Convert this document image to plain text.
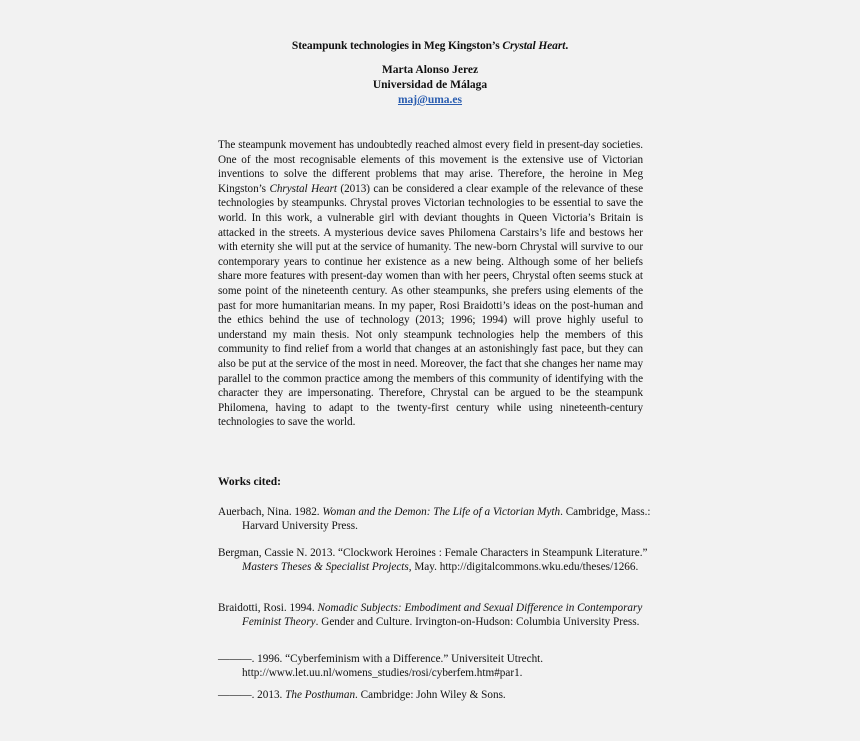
Steampunk technologies in Meg Kingston’s Crystal Heart.
Marta Alonso Jerez
Universidad de Málaga
maj@uma.es
The steampunk movement has undoubtedly reached almost every field in present-day societies. One of the most recognisable elements of this movement is the extensive use of Victorian inventions to solve the different problems that may arise. Therefore, the heroine in Meg Kingston’s Chrystal Heart (2013) can be considered a clear example of the relevance of these technologies by steampunks. Chrystal proves Victorian technologies to be essential to save the world. In this work, a vulnerable girl with deviant thoughts in Queen Victoria’s Britain is attacked in the streets. A mysterious device saves Philomena Carstairs’s life and bestows her with eternity she will put at the service of humanity. The new-born Chrystal will survive to our contemporary years to continue her existence as a new being. Although some of her beliefs share more features with present-day women than with her peers, Chrystal often seems stuck at some point of the nineteenth century. As other steampunks, she prefers using elements of the past for more humanitarian means. In my paper, Rosi Braidotti’s ideas on the post-human and the ethics behind the use of technology (2013; 1996; 1994) will prove highly useful to understand my main thesis. Not only steampunk technologies help the members of this community to find relief from a world that changes at an astonishingly fast pace, but they can also be put at the service of the most in need. Moreover, the fact that she changes her name may parallel to the common practice among the members of this community of identifying with the character they are impersonating. Therefore, Chrystal can be argued to be the steampunk Philomena, having to adapt to the twenty-first century while using nineteenth-century technologies to save the world.
Works cited:
Auerbach, Nina. 1982. Woman and the Demon: The Life of a Victorian Myth. Cambridge, Mass.: Harvard University Press.
Bergman, Cassie N. 2013. “Clockwork Heroines : Female Characters in Steampunk Literature.” Masters Theses & Specialist Projects, May. http://digitalcommons.wku.edu/theses/1266.
Braidotti, Rosi. 1994. Nomadic Subjects: Embodiment and Sexual Difference in Contemporary Feminist Theory. Gender and Culture. Irvington-on-Hudson: Columbia University Press.
———. 1996. “Cyberfeminism with a Difference.” Universiteit Utrecht. http://www.let.uu.nl/womens_studies/rosi/cyberfem.htm#par1.
———. 2013. The Posthuman. Cambridge: John Wiley & Sons.
